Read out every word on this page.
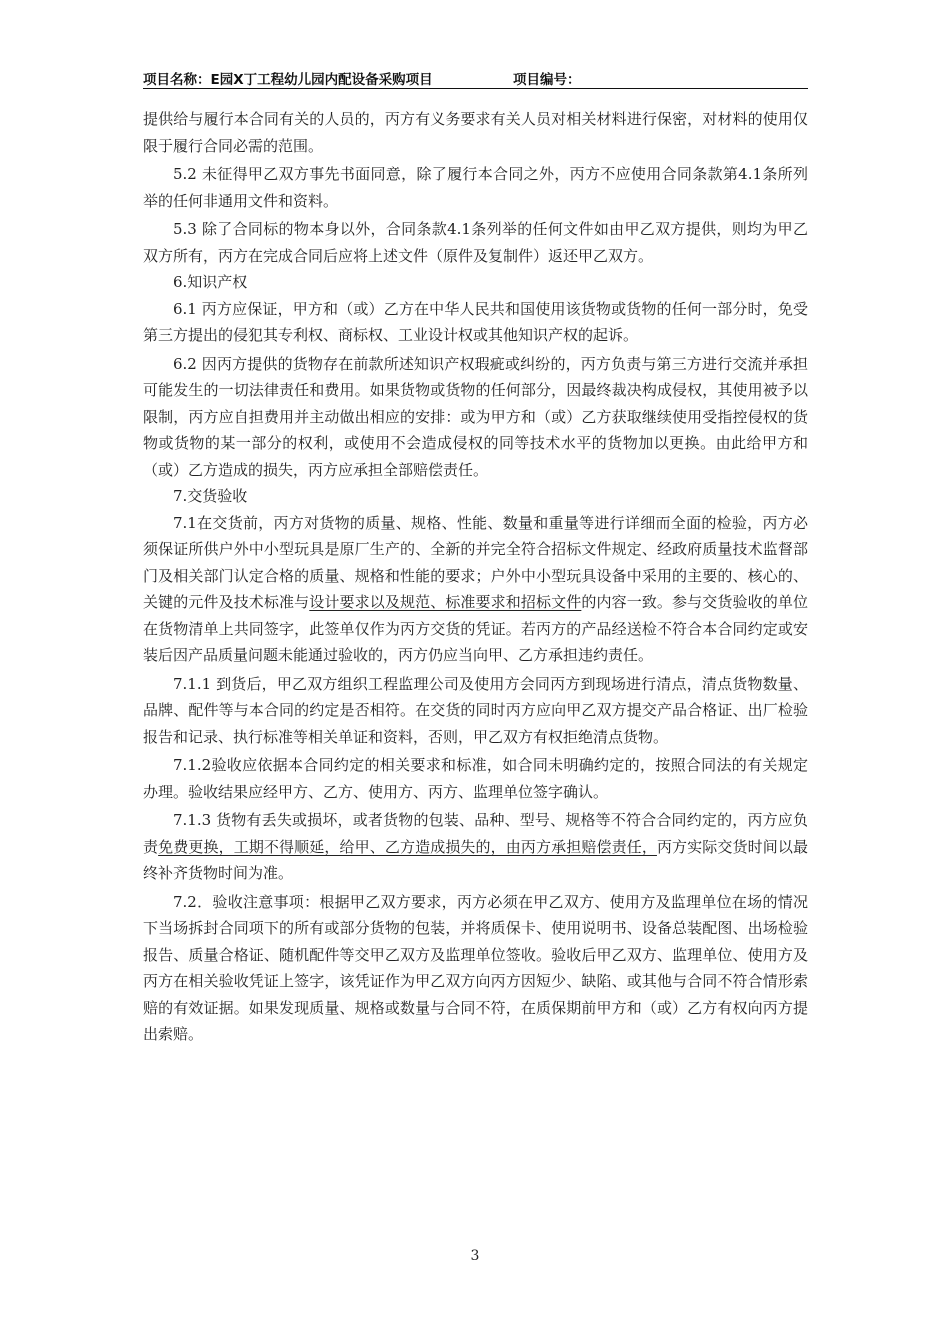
项目名称：E园X丁工程幼儿园内配设备采购项目	项目编号：

提供给与履行本合同有关的人员的，丙方有义务要求有关人员对相关材料进行保密，对材料的使用仅限于履行合同必需的范围。

5.2 未征得甲乙双方事先书面同意，除了履行本合同之外，丙方不应使用合同条款第4.1条所列举的任何非通用文件和资料。

5.3 除了合同标的物本身以外，合同条款4.1条列举的任何文件如由甲乙双方提供，则均为甲乙双方所有，丙方在完成合同后应将上述文件（原件及复制件）返还甲乙双方。

6.知识产权

6.1 丙方应保证，甲方和（或）乙方在中华人民共和国使用该货物或货物的任何一部分时，免受第三方提出的侵犯其专利权、商标权、工业设计权或其他知识产权的起诉。

6.2 因丙方提供的货物存在前款所述知识产权瑕疵或纠纷的，丙方负责与第三方进行交流并承担可能发生的一切法律责任和费用。如果货物或货物的任何部分，因最终裁决构成侵权，其使用被予以限制，丙方应自担费用并主动做出相应的安排：或为甲方和（或）乙方获取继续使用受指控侵权的货物或货物的某一部分的权利，或使用不会造成侵权的同等技术水平的货物加以更换。由此给甲方和（或）乙方造成的损失，丙方应承担全部赔偿责任。

7.交货验收

7.1在交货前，丙方对货物的质量、规格、性能、数量和重量等进行详细而全面的检验，丙方必须保证所供户外中小型玩具是原厂生产的、全新的并完全符合招标文件规定、经政府质量技术监督部门及相关部门认定合格的质量、规格和性能的要求；户外中小型玩具设备中采用的主要的、核心的、关键的元件及技术标准与设计要求以及规范、标准要求和招标文件的内容一致。参与交货验收的单位在货物清单上共同签字，此签单仅作为丙方交货的凭证。若丙方的产品经送检不符合本合同约定或安装后因产品质量问题未能通过验收的，丙方仍应当向甲、乙方承担违约责任。

7.1.1 到货后，甲乙双方组织工程监理公司及使用方会同丙方到现场进行清点，清点货物数量、品牌、配件等与本合同的约定是否相符。在交货的同时丙方应向甲乙双方提交产品合格证、出厂检验报告和记录、执行标准等相关单证和资料，否则，甲乙双方有权拒绝清点货物。

7.1.2验收应依据本合同约定的相关要求和标准，如合同未明确约定的，按照合同法的有关规定办理。验收结果应经甲方、乙方、使用方、丙方、监理单位签字确认。

7.1.3 货物有丢失或损坏，或者货物的包装、品种、型号、规格等不符合合同约定的，丙方应负责免费更换，工期不得顺延，给甲、乙方造成损失的，由丙方承担赔偿责任，丙方实际交货时间以最终补齐货物时间为准。

7.2．验收注意事项：根据甲乙双方要求，丙方必须在甲乙双方、使用方及监理单位在场的情况下当场拆封合同项下的所有或部分货物的包装，并将质保卡、使用说明书、设备总装配图、出场检验报告、质量合格证、随机配件等交甲乙双方及监理单位签收。验收后甲乙双方、监理单位、使用方及丙方在相关验收凭证上签字，该凭证作为甲乙双方向丙方因短少、缺陷、或其他与合同不符合情形索赔的有效证据。如果发现质量、规格或数量与合同不符，在质保期前甲方和（或）乙方有权向丙方提出索赔。

3
